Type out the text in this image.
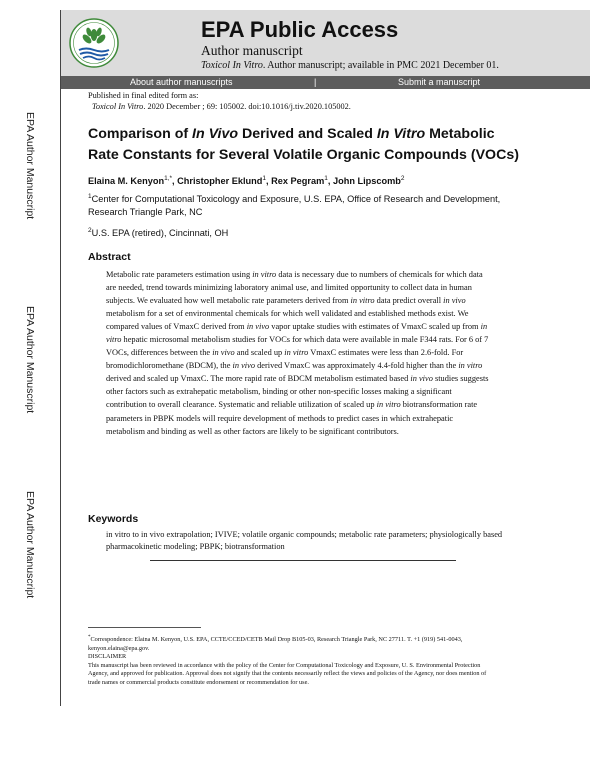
EPA Author Manuscript
EPA Author Manuscript
EPA Author Manuscript
EPA Public Access
Author manuscript
Toxicol In Vitro. Author manuscript; available in PMC 2021 December 01.
About author manuscripts	|	Submit a manuscript
Published in final edited form as:
Toxicol In Vitro. 2020 December ; 69: 105002. doi:10.1016/j.tiv.2020.105002.
Comparison of In Vivo Derived and Scaled In Vitro Metabolic Rate Constants for Several Volatile Organic Compounds (VOCs)
Elaina M. Kenyon$^{1,*}$, Christopher Eklund$^1$, Rex Pegram$^1$, John Lipscomb$^2$
$^1$Center for Computational Toxicology and Exposure, U.S. EPA, Office of Research and Development, Research Triangle Park, NC
$^2$U.S. EPA (retired), Cincinnati, OH
Abstract
Metabolic rate parameters estimation using in vitro data is necessary due to numbers of chemicals for which data are needed, trend towards minimizing laboratory animal use, and limited opportunity to collect data in human subjects. We evaluated how well metabolic rate parameters derived from in vitro data predict overall in vivo metabolism for a set of environmental chemicals for which well validated and established methods exist. We compared values of VmaxC derived from in vivo vapor uptake studies with estimates of VmaxC scaled up from in vitro hepatic microsomal metabolism studies for VOCs for which data were available in male F344 rats. For 6 of 7 VOCs, differences between the in vivo and scaled up in vitro VmaxC estimates were less than 2.6-fold. For bromodichloromethane (BDCM), the in vivo derived VmaxC was approximately 4.4-fold higher than the in vitro derived and scaled up VmaxC. The more rapid rate of BDCM metabolism estimated based in vivo studies suggests other factors such as extrahepatic metabolism, binding or other non-specific losses making a significant contribution to overall clearance. Systematic and reliable utilization of scaled up in vitro biotransformation rate parameters in PBPK models will require development of methods to predict cases in which extrahepatic metabolism and binding as well as other factors are likely to be significant contributors.
Keywords
in vitro to in vivo extrapolation; IVIVE; volatile organic compounds; metabolic rate parameters; physiologically based pharmacokinetic modeling; PBPK; biotransformation

*Correspondence: Elaina M. Kenyon, U.S. EPA, CCTE/CCED/CETB Mail Drop B105-03, Research Triangle Park, NC 27711. T. +1 (919) 541-0043, kenyon.elaina@epa.gov.

DISCLAIMER

This manuscript has been reviewed in accordance with the policy of the Center for Computational Toxicology and Exposure, U. S. Environmental Protection Agency, and approved for publication. Approval does not signify that the contents necessarily reflect the views and policies of the Agency, nor does mention of trade names or commercial products constitute endorsement or recommendation for use.
